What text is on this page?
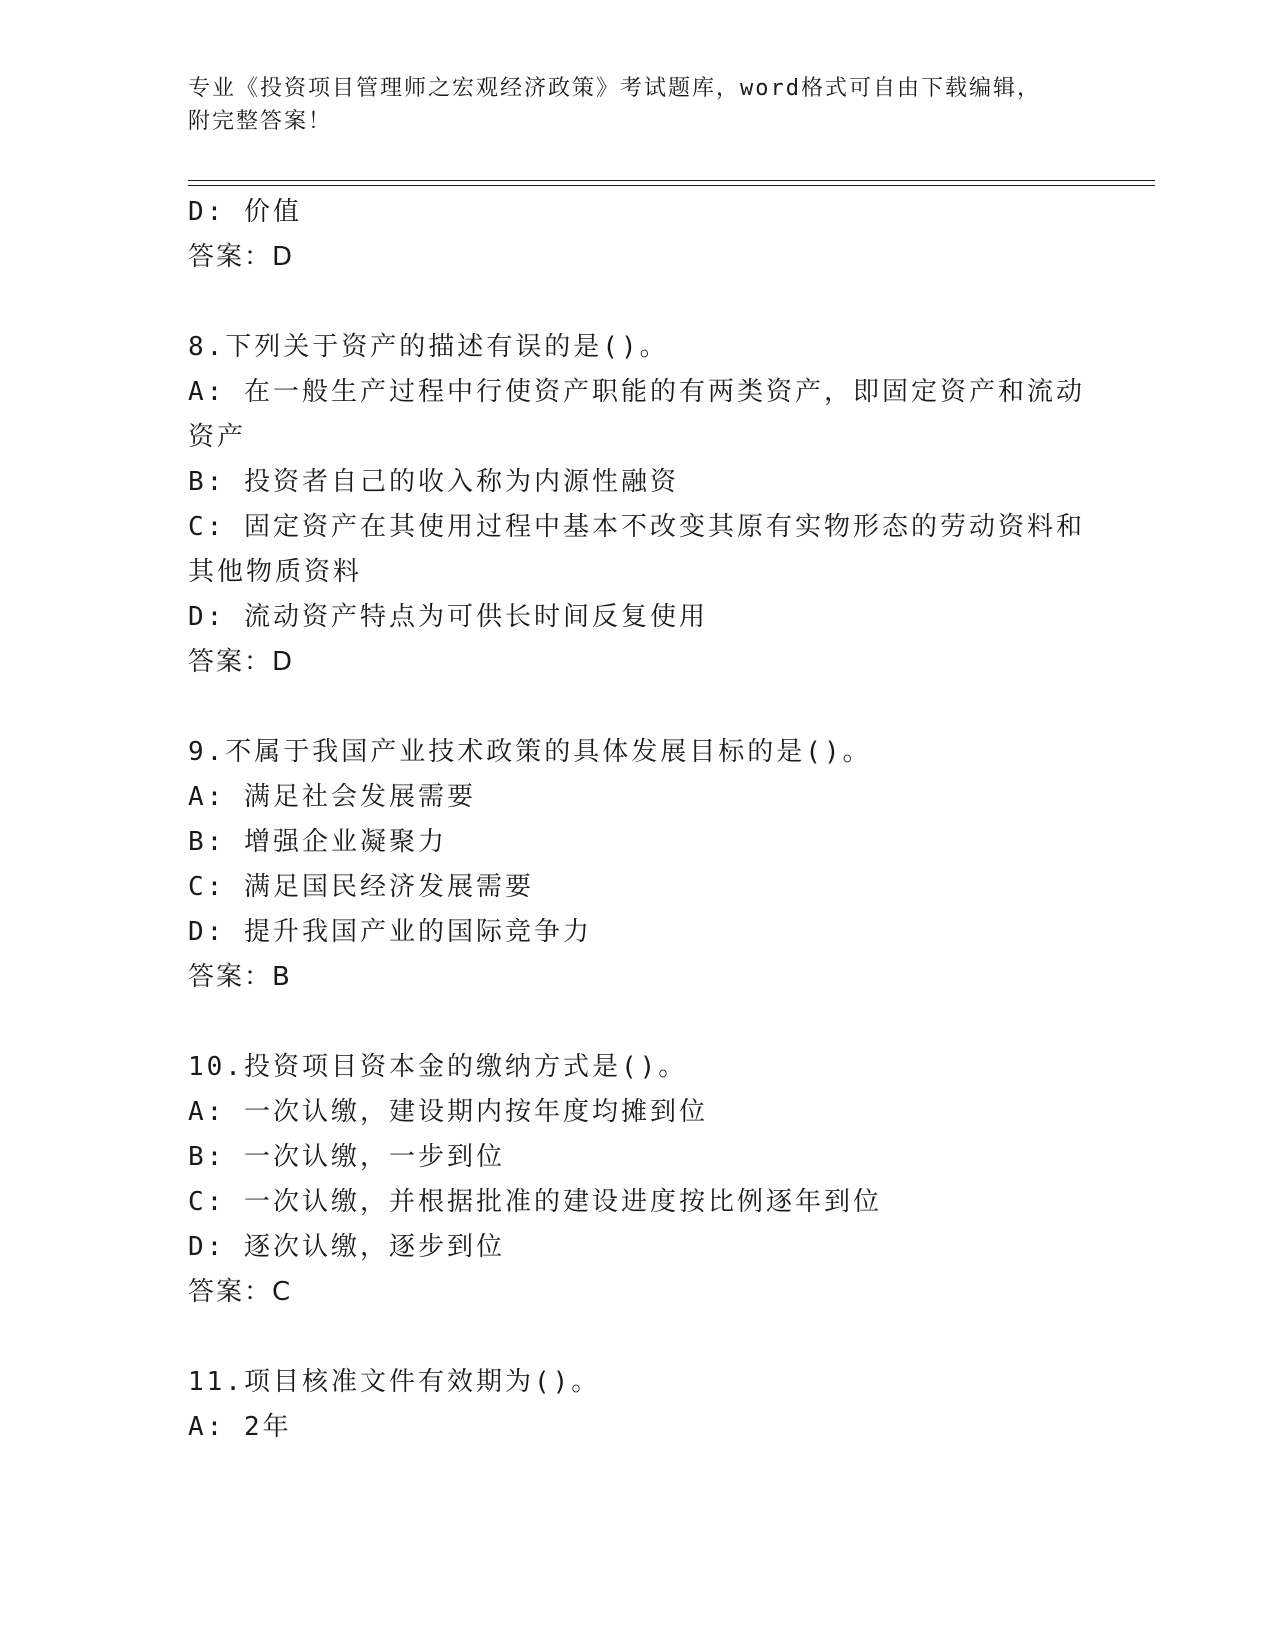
专业《投资项目管理师之宏观经济政策》考试题库，word格式可自由下载编辑，
附完整答案！
D: 价值
答案：D
8.下列关于资产的描述有误的是()。
A: 在一般生产过程中行使资产职能的有两类资产，即固定资产和流动
资产
B: 投资者自己的收入称为内源性融资
C: 固定资产在其使用过程中基本不改变其原有实物形态的劳动资料和
其他物质资料
D: 流动资产特点为可供长时间反复使用
答案：D
9.不属于我国产业技术政策的具体发展目标的是()。
A: 满足社会发展需要
B: 增强企业凝聚力
C: 满足国民经济发展需要
D: 提升我国产业的国际竞争力
答案：B
10.投资项目资本金的缴纳方式是()。
A: 一次认缴，建设期内按年度均摊到位
B: 一次认缴，一步到位
C: 一次认缴，并根据批准的建设进度按比例逐年到位
D: 逐次认缴，逐步到位
答案：C
11.项目核准文件有效期为()。
A: 2年
